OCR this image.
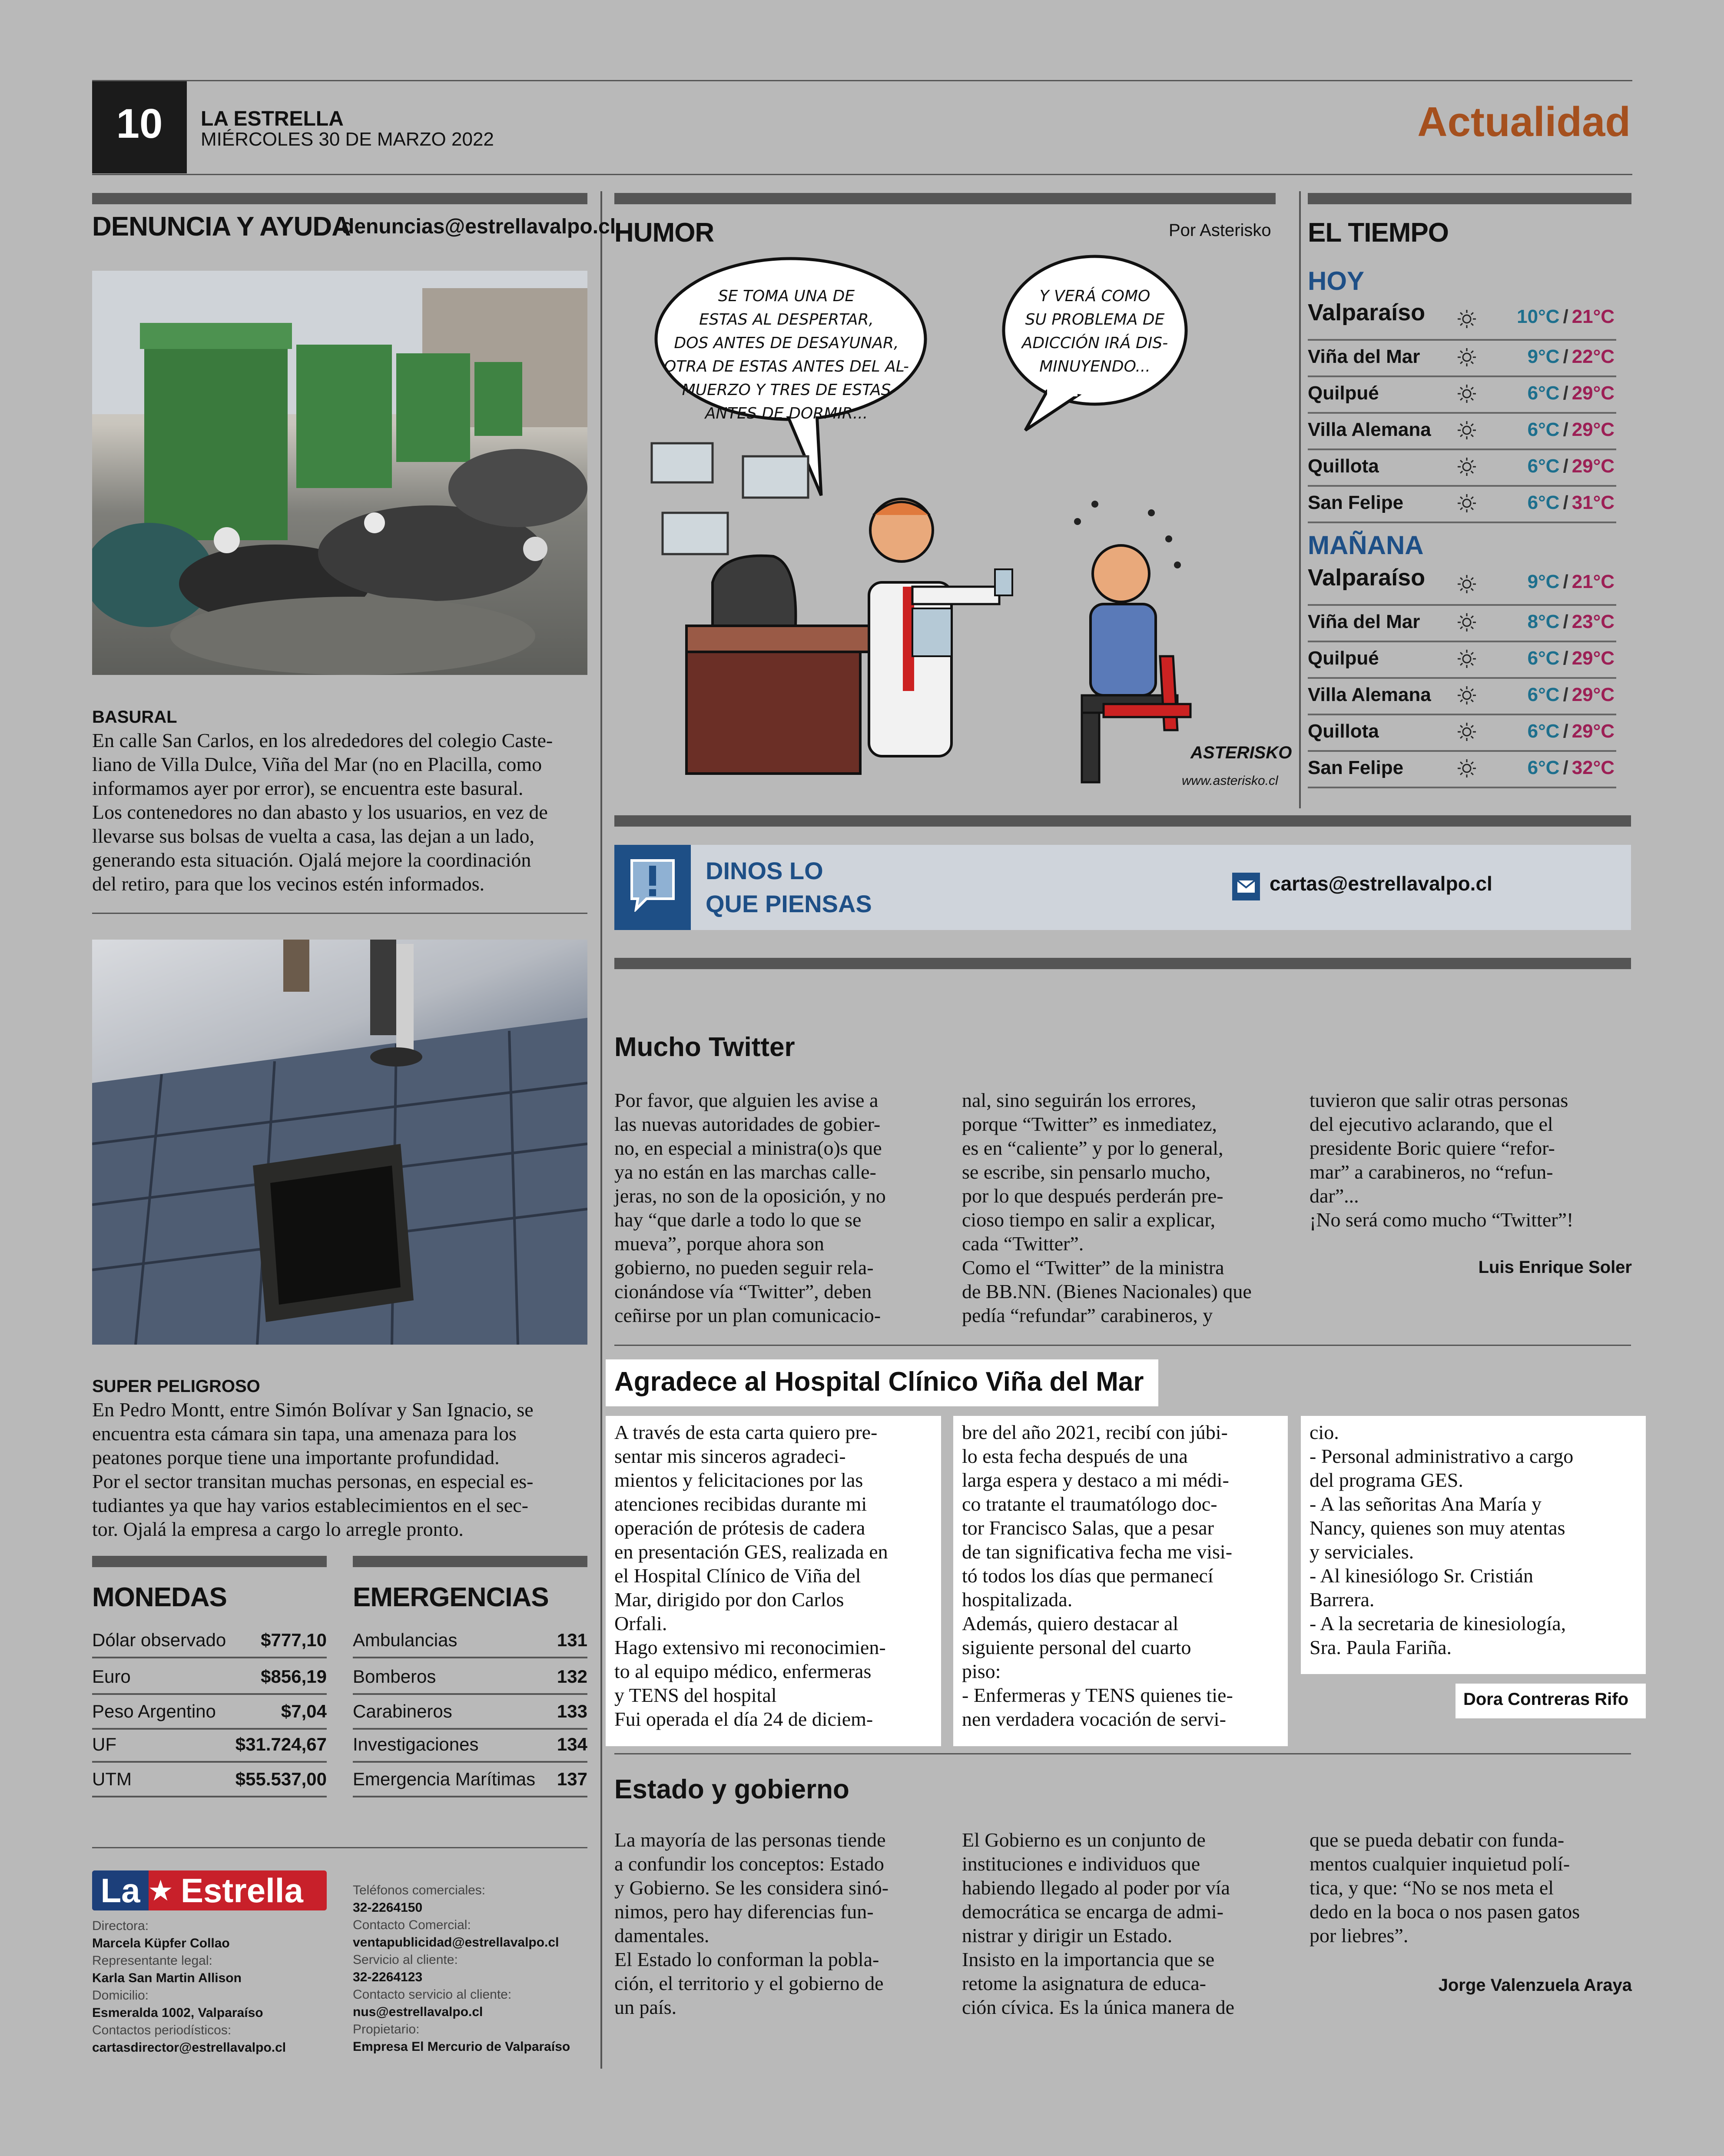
10	LA ESTRELLA
MIÉRCOLES 30 DE MARZO 2022	Actualidad
DENUNCIA Y AYUDA
denuncias@estrellavalpo.cl
BASURAL
En calle San Carlos, en los alrededores del colegio Caste-
liano de Villa Dulce, Viña del Mar (no en Placilla, como
informamos ayer por error), se encuentra este basural.
Los contenedores no dan abasto y los usuarios, en vez de
llevarse sus bolsas de vuelta a casa, las dejan a un lado,
generando esta situación. Ojalá mejore la coordinación
del retiro, para que los vecinos estén informados.
SUPER PELIGROSO
En Pedro Montt, entre Simón Bolívar y San Ignacio, se
encuentra esta cámara sin tapa, una amenaza para los
peatones porque tiene una importante profundidad.
Por el sector transitan muchas personas, en especial es-
tudiantes ya que hay varios establecimientos en el sec-
tor. Ojalá la empresa a cargo lo arregle pronto.
MONEDAS
Dólar observado $777,10
Euro	$856,19
Peso Argentino	$7,04
UF	$31.724,67
UTM	$55.537,00
EMERGENCIAS
Ambulancias	131
Bomberos	132
Carabineros	133
Investigaciones	134
Emergencia Marítimas 137
La ★ Estrella
Directora:
Marcela Küpfer Collao
Representante legal:
Karla San Martin Allison
Domicilio:
Esmeralda 1002, Valparaíso
Contactos periodísticos:
cartasdirector@estrellavalpo.cl
Teléfonos comerciales:
32-2264150
Contacto Comercial:
ventapublicidad@estrellavalpo.cl
Servicio al cliente:
32-2264123
Contacto servicio al cliente:
nus@estrellavalpo.cl
Propietario:
Empresa El Mercurio de Valparaíso
HUMOR	Por Asterisko
SE TOMA UNA DE
ESTAS AL DESPERTAR,
DOS ANTES DE DESAYUNAR,
OTRA DE ESTAS ANTES DEL AL-
MUERZO Y TRES DE ESTAS
ANTES DE DORMIR...
Y VERÁ COMO
SU PROBLEMA DE
ADICCIÓN IRÁ DIS-
MINUYENDO...
ASTERISKO
www.asterisko.cl
EL TIEMPO
HOY
Valparaíso	10°C / 21°C
Viña del Mar	9°C / 22°C
Quilpué	6°C / 29°C
Villa Alemana	6°C / 29°C
Quillota	6°C / 29°C
San Felipe	6°C / 31°C
MAÑANA
Valparaíso	9°C / 21°C
Viña del Mar	8°C / 23°C
Quilpué	6°C / 29°C
Villa Alemana	6°C / 29°C
Quillota	6°C / 29°C
San Felipe	6°C / 32°C
DINOS LO
QUE PIENSAS
cartas@estrellavalpo.cl
Mucho Twitter
Por favor, que alguien les avise a
las nuevas autoridades de gobier-
no, en especial a ministra(o)s que
ya no están en las marchas calle-
jeras, no son de la oposición, y no
hay “que darle a todo lo que se
mueva”, porque ahora son
gobierno, no pueden seguir rela-
cionándose vía “Twitter”, deben
ceñirse por un plan comunicacio-
nal, sino seguirán los errores,
porque “Twitter” es inmediatez,
es en “caliente” y por lo general,
se escribe, sin pensarlo mucho,
por lo que después perderán pre-
cioso tiempo en salir a explicar,
cada “Twitter”.
Como el “Twitter” de la ministra
de BB.NN. (Bienes Nacionales) que
pedía “refundar” carabineros, y
tuvieron que salir otras personas
del ejecutivo aclarando, que el
presidente Boric quiere “refor-
mar” a carabineros, no “refun-
dar”...
¡No será como mucho “Twitter”!
Luis Enrique Soler
Agradece al Hospital Clínico Viña del Mar
A través de esta carta quiero pre-
sentar mis sinceros agradeci-
mientos y felicitaciones por las
atenciones recibidas durante mi
operación de prótesis de cadera
en presentación GES, realizada en
el Hospital Clínico de Viña del
Mar, dirigido por don Carlos
Orfali.
Hago extensivo mi reconocimien-
to al equipo médico, enfermeras
y TENS del hospital
Fui operada el día 24 de diciem-
bre del año 2021, recibí con júbi-
lo esta fecha después de una
larga espera y destaco a mi médi-
co tratante el traumatólogo doc-
tor Francisco Salas, que a pesar
de tan significativa fecha me visi-
tó todos los días que permanecí
hospitalizada.
Además, quiero destacar al
siguiente personal del cuarto
piso:
- Enfermeras y TENS quienes tie-
nen verdadera vocación de servi-
cio.
- Personal administrativo a cargo
del programa GES.
- A las señoritas Ana María y
Nancy, quienes son muy atentas
y serviciales.
- Al kinesiólogo Sr. Cristián
Barrera.
- A la secretaria de kinesiología,
Sra. Paula Fariña.
Dora Contreras Rifo
Estado y gobierno
La mayoría de las personas tiende
a confundir los conceptos: Estado
y Gobierno. Se les considera sinó-
nimos, pero hay diferencias fun-
damentales.
El Estado lo conforman la pobla-
ción, el territorio y el gobierno de
un país.
El Gobierno es un conjunto de
instituciones e individuos que
habiendo llegado al poder por vía
democrática se encarga de admi-
nistrar y dirigir un Estado.
Insisto en la importancia que se
retome la asignatura de educa-
ción cívica. Es la única manera de
que se pueda debatir con funda-
mentos cualquier inquietud polí-
tica, y que: “No se nos meta el
dedo en la boca o nos pasen gatos
por liebres”.
Jorge Valenzuela Araya
